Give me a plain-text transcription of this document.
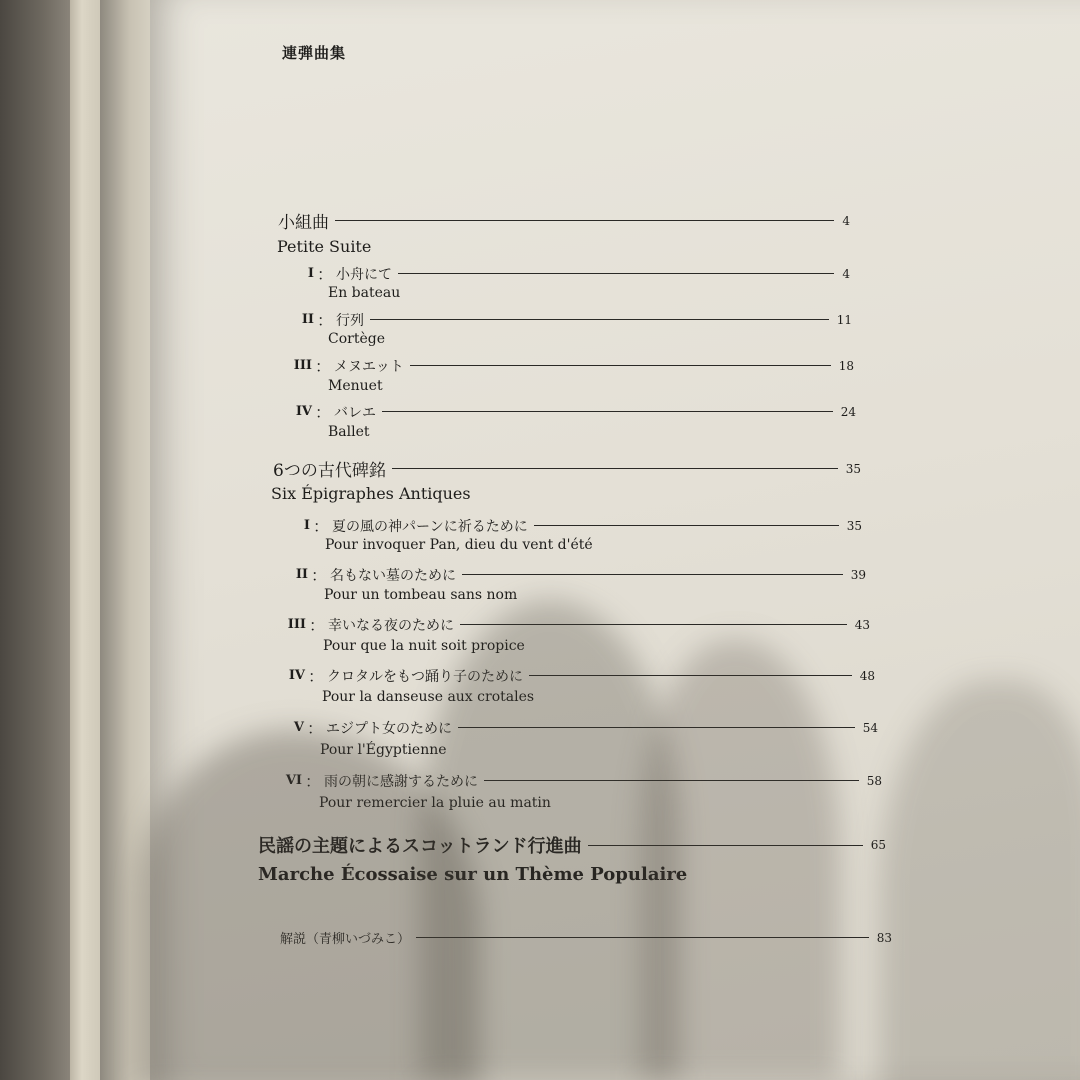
連弾曲集
小組曲	4
Petite Suite
I ： 小舟にて	4
En bateau
II ： 行列	11
Cortège
III ： メヌエット	18
Menuet
IV ： バレエ	24
Ballet
6つの古代碑銘	35
Six Épigraphes Antiques
I ： 夏の風の神パーンに祈るために	35
Pour invoquer Pan, dieu du vent d'été
II ： 名もない墓のために	39
Pour un tombeau sans nom
III ： 幸いなる夜のために	43
Pour que la nuit soit propice
IV ： クロタルをもつ踊り子のために	48
Pour la danseuse aux crotales
V ： エジプト女のために	54
Pour l'Égyptienne
VI ： 雨の朝に感謝するために	58
Pour remercier la pluie au matin
民謡の主題によるスコットランド行進曲	65
Marche Écossaise sur un Thème Populaire
解説（青柳いづみこ）	83
